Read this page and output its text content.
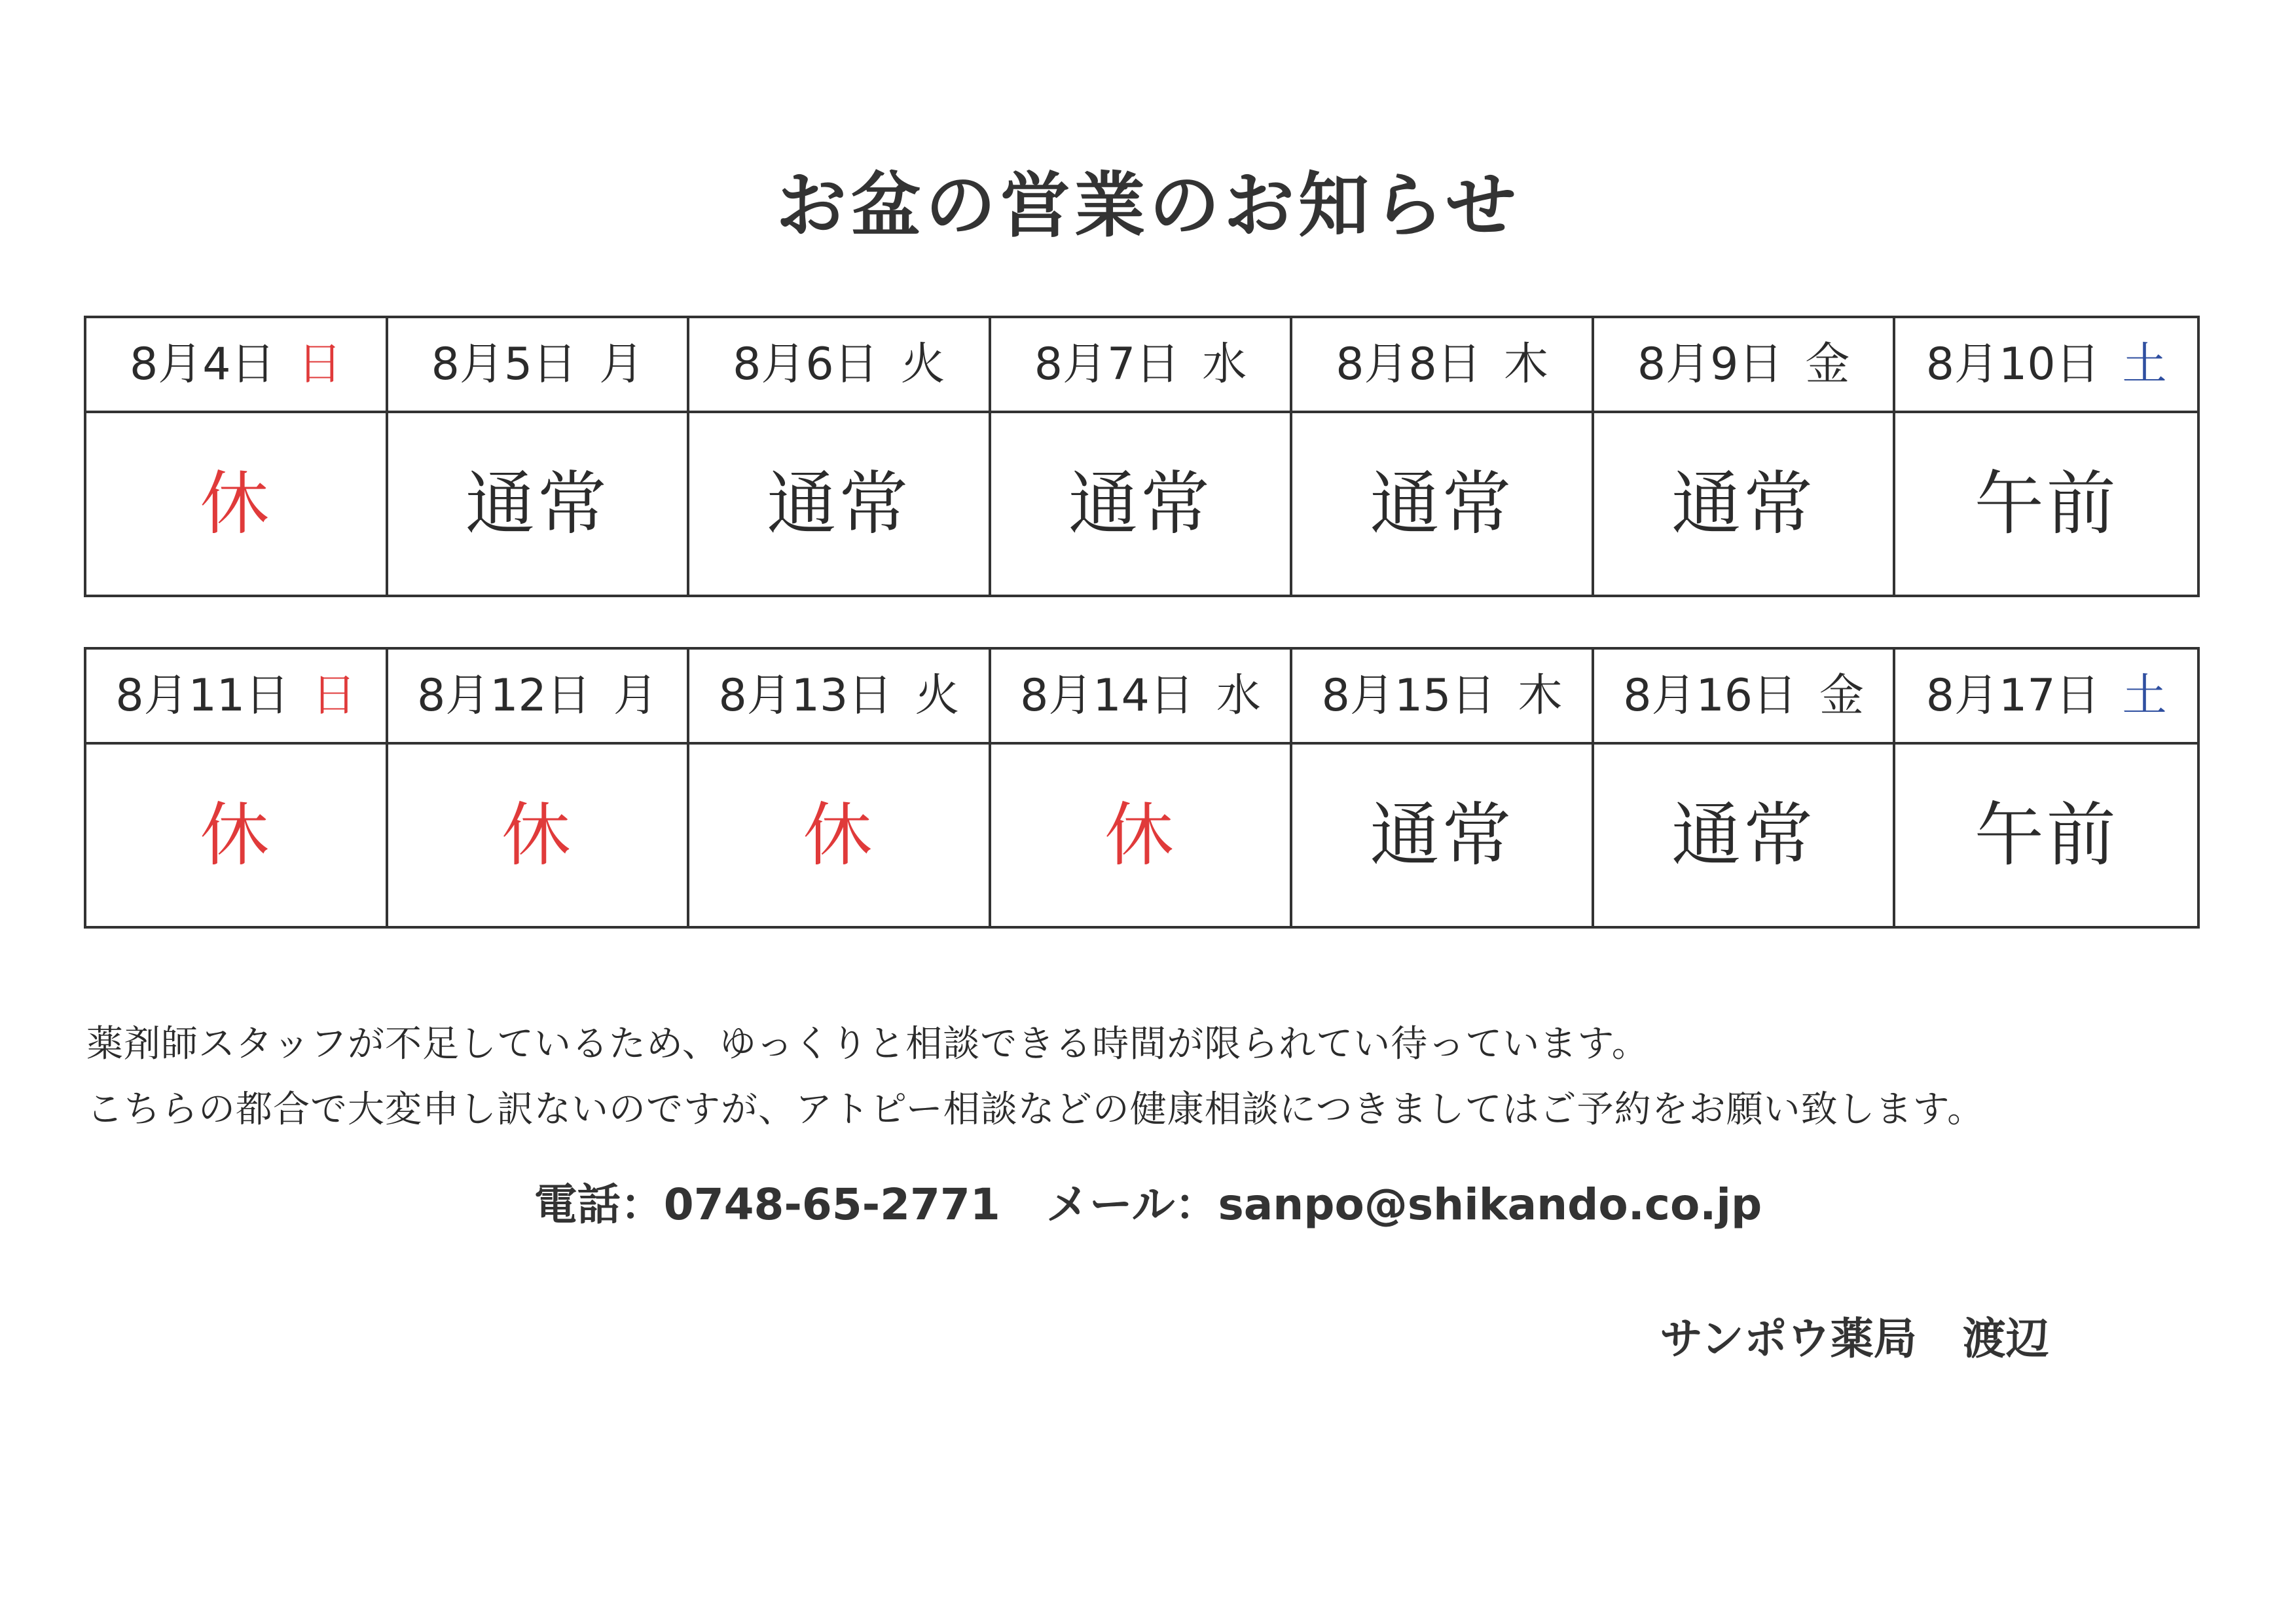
お盆の営業のお知らせ
8月4日 日 8月5日 月 8月6日 火 8月7日 水 8月8日 木 8月9日 金 8月10日 土
休	通常	通常	通常	通常	通常	午前
8月11日 日 8月12日 月 8月13日 火 8月14日 水 8月15日 木 8月16日 金 8月17日 土
休	休	休	休	通常	通常	午前

薬剤師スタッフが不足しているため、ゆっくりと相談できる時間が限られてい待っています。

こちらの都合で大変申し訳ないのですが、アトピー相談などの健康相談につきましてはご予約をお願い致します。

電話：0748-65-2771 メール：sanpo@shikando.co.jp
サンポウ薬局 渡辺
